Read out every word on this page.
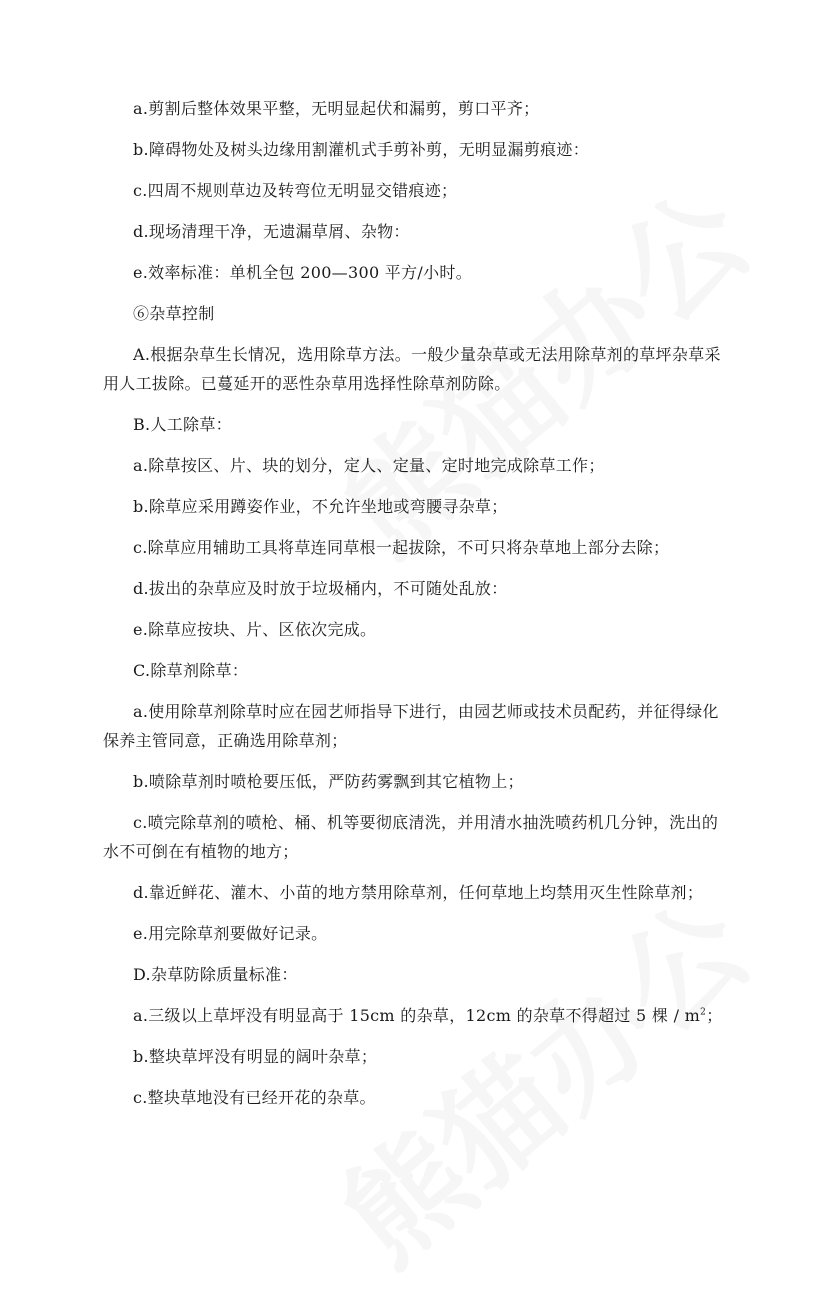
a.剪割后整体效果平整，无明显起伏和漏剪，剪口平齐；
b.障碍物处及树头边缘用割灌机式手剪补剪，无明显漏剪痕迹：
c.四周不规则草边及转弯位无明显交错痕迹；
d.现场清理干净，无遗漏草屑、杂物：
e.效率标准：单机全包 200—300 平方/小时。
⑥杂草控制
A.根据杂草生长情况，选用除草方法。一般少量杂草或无法用除草剂的草坪杂草采
用人工拔除。已蔓延开的恶性杂草用选择性除草剂防除。
B.人工除草：
a.除草按区、片、块的划分，定人、定量、定时地完成除草工作；
b.除草应采用蹲姿作业，不允许坐地或弯腰寻杂草；
c.除草应用辅助工具将草连同草根一起拔除，不可只将杂草地上部分去除；
d.拔出的杂草应及时放于垃圾桶内，不可随处乱放：
e.除草应按块、片、区依次完成。
C.除草剂除草：
a.使用除草剂除草时应在园艺师指导下进行，由园艺师或技术员配药，并征得绿化
保养主管同意，正确选用除草剂；
b.喷除草剂时喷枪要压低，严防药雾飘到其它植物上；
c.喷完除草剂的喷枪、桶、机等要彻底清洗，并用清水抽洗喷药机几分钟，洗出的
水不可倒在有植物的地方；
d.靠近鲜花、灌木、小苗的地方禁用除草剂，任何草地上均禁用灭生性除草剂；
e.用完除草剂要做好记录。
D.杂草防除质量标准：
a.三级以上草坪没有明显高于 15cm 的杂草，12cm 的杂草不得超过 5 棵 / $m^2$；
b.整块草坪没有明显的阔叶杂草；
c.整块草地没有已经开花的杂草。
